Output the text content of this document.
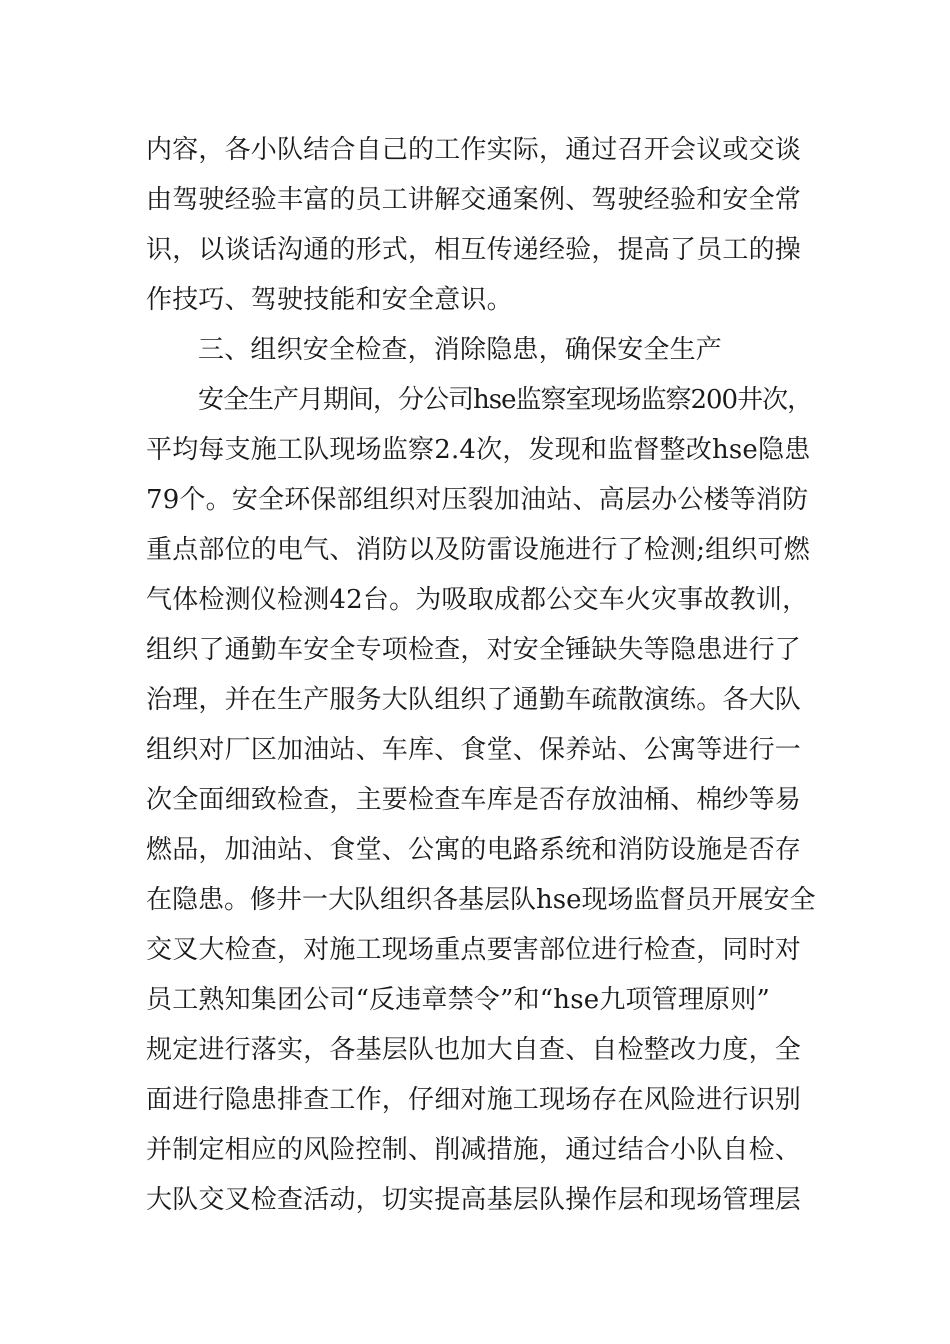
内容，各小队结合自己的工作实际，通过召开会议或交谈
由驾驶经验丰富的员工讲解交通案例、驾驶经验和安全常
识，以谈话沟通的形式，相互传递经验，提高了员工的操
作技巧、驾驶技能和安全意识。
三、组织安全检查，消除隐患，确保安全生产
安全生产月期间，分公司hse监察室现场监察200井次，
平均每支施工队现场监察2.4次，发现和监督整改hse隐患
79个。安全环保部组织对压裂加油站、高层办公楼等消防
重点部位的电气、消防以及防雷设施进行了检测;组织可燃
气体检测仪检测42台。为吸取成都公交车火灾事故教训，
组织了通勤车安全专项检查，对安全锤缺失等隐患进行了
治理，并在生产服务大队组织了通勤车疏散演练。各大队
组织对厂区加油站、车库、食堂、保养站、公寓等进行一
次全面细致检查，主要检查车库是否存放油桶、棉纱等易
燃品，加油站、食堂、公寓的电路系统和消防设施是否存
在隐患。修井一大队组织各基层队hse现场监督员开展安全
交叉大检查，对施工现场重点要害部位进行检查，同时对
员工熟知集团公司“反违章禁令”和“hse九项管理原则”
规定进行落实，各基层队也加大自查、自检整改力度，全
面进行隐患排查工作，仔细对施工现场存在风险进行识别
并制定相应的风险控制、削减措施，通过结合小队自检、
大队交叉检查活动，切实提高基层队操作层和现场管理层
